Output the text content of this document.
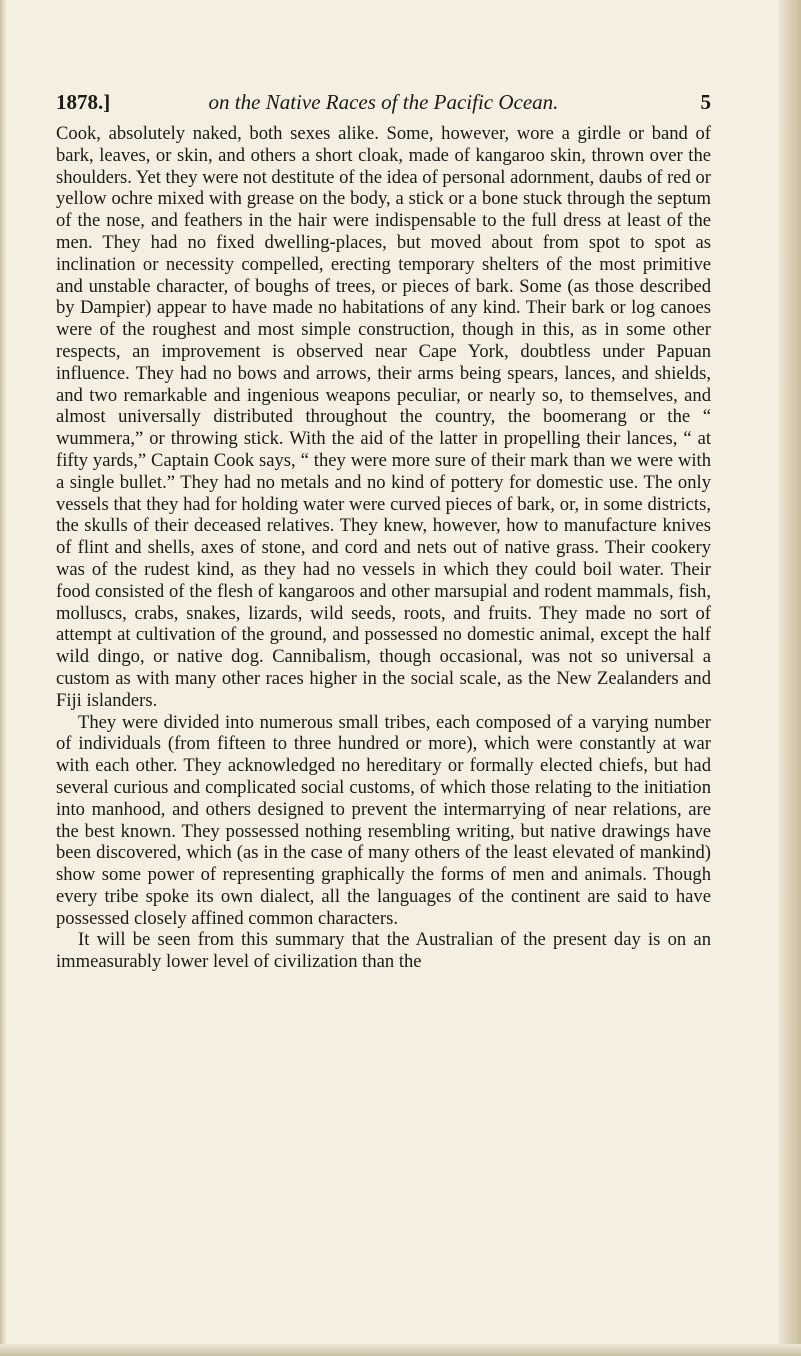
1878.]	on the Native Races of the Pacific Ocean.	5

Cook, absolutely naked, both sexes alike. Some, however, wore a girdle or band of bark, leaves, or skin, and others a short cloak, made of kangaroo skin, thrown over the shoulders. Yet they were not destitute of the idea of personal adornment, daubs of red or yellow ochre mixed with grease on the body, a stick or a bone stuck through the septum of the nose, and feathers in the hair were indispensable to the full dress at least of the men. They had no fixed dwelling-places, but moved about from spot to spot as inclination or necessity compelled, erecting temporary shelters of the most primitive and unstable character, of boughs of trees, or pieces of bark. Some (as those described by Dampier) appear to have made no habitations of any kind. Their bark or log canoes were of the roughest and most simple construction, though in this, as in some other respects, an improvement is observed near Cape York, doubtless under Papuan influence. They had no bows and arrows, their arms being spears, lances, and shields, and two remarkable and ingenious weapons peculiar, or nearly so, to themselves, and almost universally distributed throughout the country, the boomerang or the “ wummera,” or throwing stick. With the aid of the latter in propelling their lances, “ at fifty yards,” Captain Cook says, “ they were more sure of their mark than we were with a single bullet.” They had no metals and no kind of pottery for domestic use. The only vessels that they had for holding water were curved pieces of bark, or, in some districts, the skulls of their deceased relatives. They knew, however, how to manufacture knives of flint and shells, axes of stone, and cord and nets out of native grass. Their cookery was of the rudest kind, as they had no vessels in which they could boil water. Their food consisted of the flesh of kangaroos and other marsupial and rodent mammals, fish, molluscs, crabs, snakes, lizards, wild seeds, roots, and fruits. They made no sort of attempt at cultivation of the ground, and possessed no domestic animal, except the half wild dingo, or native dog. Cannibalism, though occasional, was not so universal a custom as with many other races higher in the social scale, as the New Zealanders and Fiji islanders.

They were divided into numerous small tribes, each composed of a varying number of individuals (from fifteen to three hundred or more), which were constantly at war with each other. They acknowledged no hereditary or formally elected chiefs, but had several curious and complicated social customs, of which those relating to the initiation into manhood, and others designed to prevent the intermarrying of near relations, are the best known. They possessed nothing resembling writing, but native drawings have been discovered, which (as in the case of many others of the least elevated of mankind) show some power of representing graphically the forms of men and animals. Though every tribe spoke its own dialect, all the languages of the continent are said to have possessed closely affined common characters.

It will be seen from this summary that the Australian of the present day is on an immeasurably lower level of civilization than the
